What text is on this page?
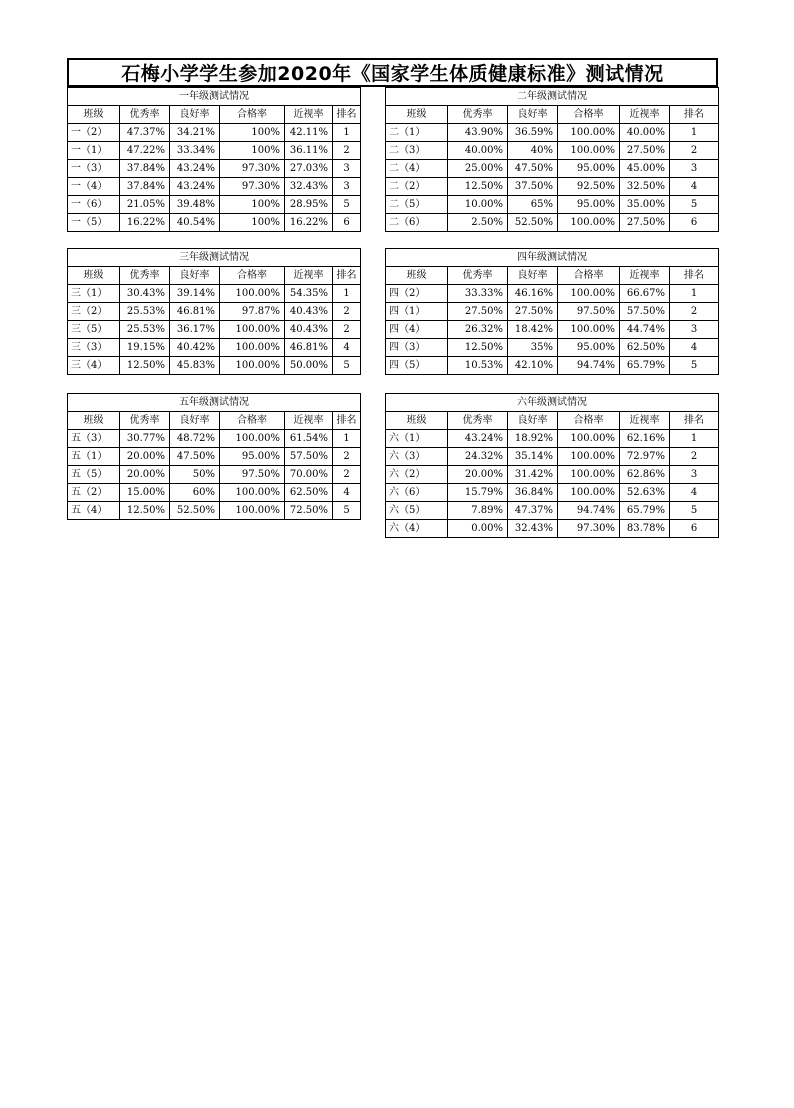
石梅小学学生参加2020年《国家学生体质健康标准》测试情况
一年级测试情况					
班级	优秀率	良好率	合格率	近视率	排名
一（2）	47.37%	34.21%	100%	42.11%	1
一（1）	47.22%	33.34%	100%	36.11%	2
一（3）	37.84%	43.24%	97.30%	27.03%	3
一（4）	37.84%	43.24%	97.30%	32.43%	3
一（6）	21.05%	39.48%	100%	28.95%	5
一（5）	16.22%	40.54%	100%	16.22%	6
二年级测试情况					
班级	优秀率	良好率	合格率	近视率	排名
二（1）	43.90%	36.59%	100.00%	40.00%	1
二（3）	40.00%	40%	100.00%	27.50%	2
二（4）	25.00%	47.50%	95.00%	45.00%	3
二（2）	12.50%	37.50%	92.50%	32.50%	4
二（5）	10.00%	65%	95.00%	35.00%	5
二（6）	2.50%	52.50%	100.00%	27.50%	6
三年级测试情况					
班级	优秀率	良好率	合格率	近视率	排名
三（1）	30.43%	39.14%	100.00%	54.35%	1
三（2）	25.53%	46.81%	97.87%	40.43%	2
三（5）	25.53%	36.17%	100.00%	40.43%	2
三（3）	19.15%	40.42%	100.00%	46.81%	4
三（4）	12.50%	45.83%	100.00%	50.00%	5
四年级测试情况					
班级	优秀率	良好率	合格率	近视率	排名
四（2）	33.33%	46.16%	100.00%	66.67%	1
四（1）	27.50%	27.50%	97.50%	57.50%	2
四（4）	26.32%	18.42%	100.00%	44.74%	3
四（3）	12.50%	35%	95.00%	62.50%	4
四（5）	10.53%	42.10%	94.74%	65.79%	5
五年级测试情况					
班级	优秀率	良好率	合格率	近视率	排名
五（3）	30.77%	48.72%	100.00%	61.54%	1
五（1）	20.00%	47.50%	95.00%	57.50%	2
五（5）	20.00%	50%	97.50%	70.00%	2
五（2）	15.00%	60%	100.00%	62.50%	4
五（4）	12.50%	52.50%	100.00%	72.50%	5
六年级测试情况					
班级	优秀率	良好率	合格率	近视率	排名
六（1）	43.24%	18.92%	100.00%	62.16%	1
六（3）	24.32%	35.14%	100.00%	72.97%	2
六（2）	20.00%	31.42%	100.00%	62.86%	3
六（6）	15.79%	36.84%	100.00%	52.63%	4
六（5）	7.89%	47.37%	94.74%	65.79%	5
六（4）	0.00%	32.43%	97.30%	83.78%	6
